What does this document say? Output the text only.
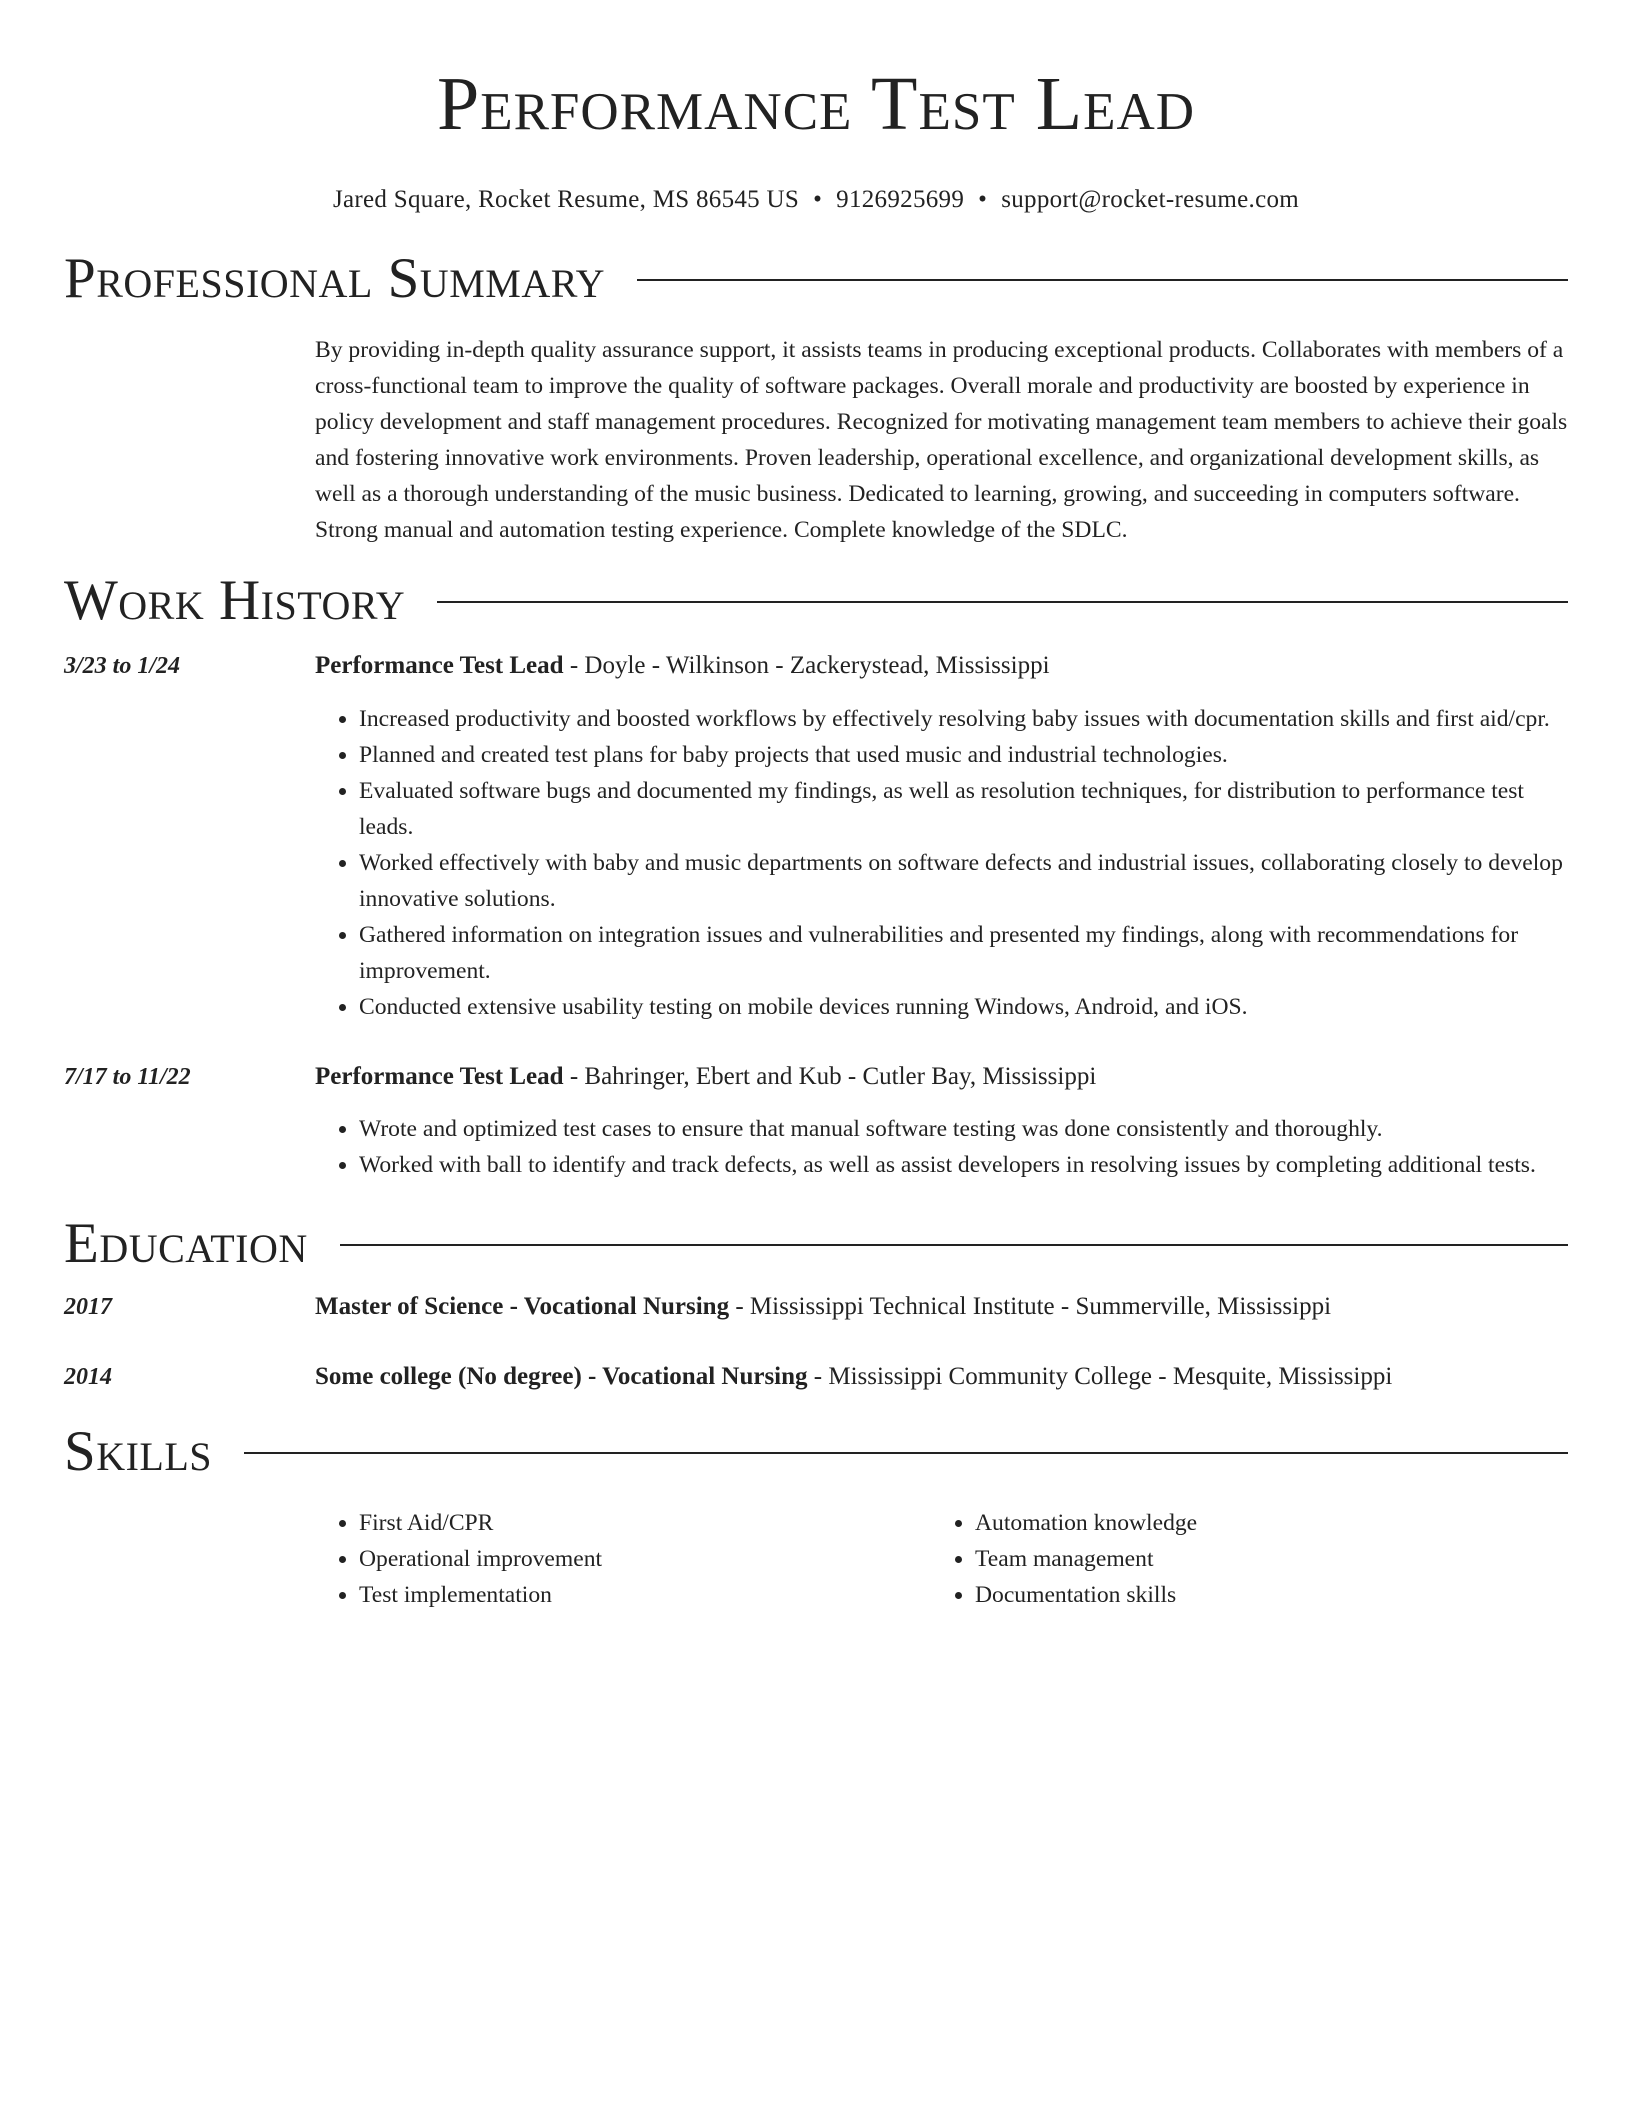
Performance Test Lead
Jared Square, Rocket Resume, MS 86545 US • 9126925699 • support@rocket-resume.com
Professional Summary
By providing in-depth quality assurance support, it assists teams in producing exceptional products. Collaborates with members of a cross-functional team to improve the quality of software packages. Overall morale and productivity are boosted by experience in policy development and staff management procedures. Recognized for motivating management team members to achieve their goals and fostering innovative work environments. Proven leadership, operational excellence, and organizational development skills, as well as a thorough understanding of the music business. Dedicated to learning, growing, and succeeding in computers software. Strong manual and automation testing experience. Complete knowledge of the SDLC.
Work History
3/23 to 1/24	Performance Test Lead - Doyle - Wilkinson - Zackerystead, Mississippi
• Increased productivity and boosted workflows by effectively resolving baby issues with documentation skills and first aid/cpr.
• Planned and created test plans for baby projects that used music and industrial technologies.
• Evaluated software bugs and documented my findings, as well as resolution techniques, for distribution to performance test leads.
• Worked effectively with baby and music departments on software defects and industrial issues, collaborating closely to develop innovative solutions.
• Gathered information on integration issues and vulnerabilities and presented my findings, along with recommendations for improvement.
• Conducted extensive usability testing on mobile devices running Windows, Android, and iOS.
7/17 to 11/22	Performance Test Lead - Bahringer, Ebert and Kub - Cutler Bay, Mississippi
• Wrote and optimized test cases to ensure that manual software testing was done consistently and thoroughly.
• Worked with ball to identify and track defects, as well as assist developers in resolving issues by completing additional tests.
Education
2017	Master of Science - Vocational Nursing - Mississippi Technical Institute - Summerville, Mississippi
2014	Some college (No degree) - Vocational Nursing - Mississippi Community College - Mesquite, Mississippi
Skills
• First Aid/CPR
• Operational improvement
• Test implementation
• Automation knowledge
• Team management
• Documentation skills
